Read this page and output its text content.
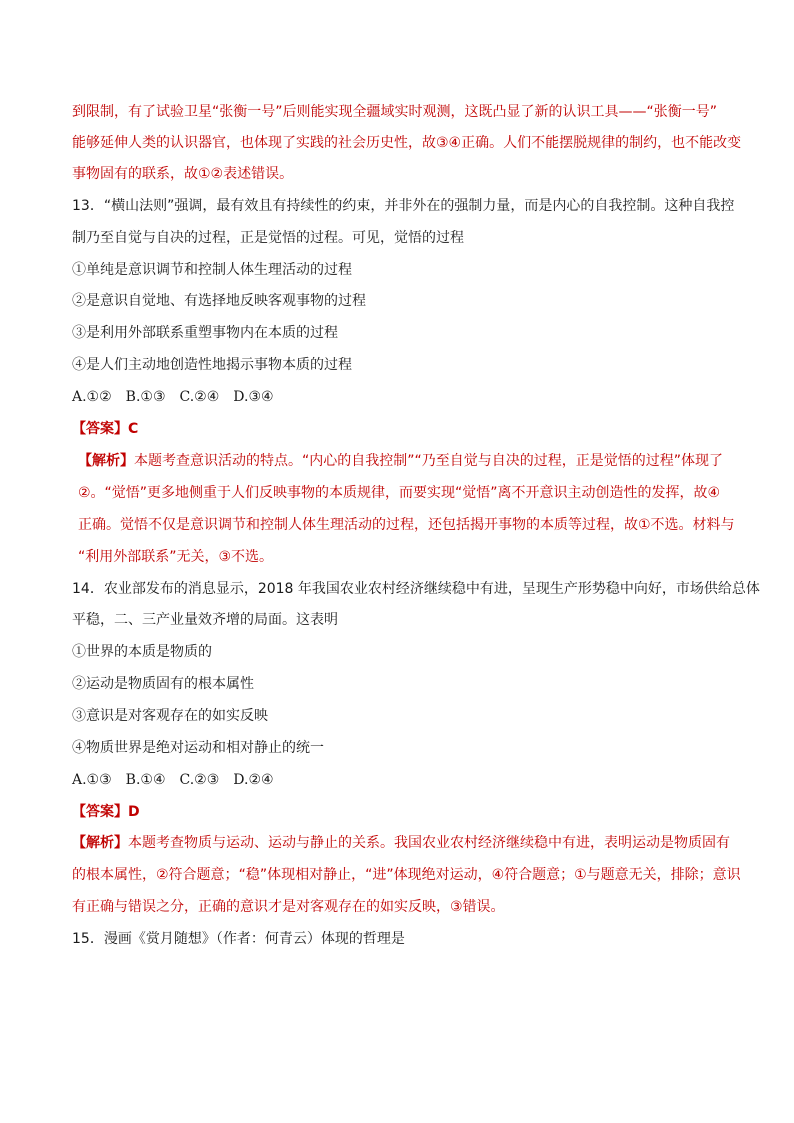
到限制，有了试验卫星“张衡一号”后则能实现全疆域实时观测，这既凸显了新的认识工具——“张衡一号”
能够延伸人类的认识器官，也体现了实践的社会历史性，故③④正确。人们不能摆脱规律的制约，也不能改变
事物固有的联系，故①②表述错误。
13．“横山法则”强调，最有效且有持续性的约束，并非外在的强制力量，而是内心的自我控制。这种自我控
制乃至自觉与自决的过程，正是觉悟的过程。可见，觉悟的过程
①单纯是意识调节和控制人体生理活动的过程
②是意识自觉地、有选择地反映客观事物的过程
③是利用外部联系重塑事物内在本质的过程
④是人们主动地创造性地揭示事物本质的过程
A.①②　B.①③　C.②④　D.③④
【答案】C
【解析】本题考查意识活动的特点。“内心的自我控制”“乃至自觉与自决的过程，正是觉悟的过程”体现了
②。“觉悟”更多地侧重于人们反映事物的本质规律，而要实现“觉悟”离不开意识主动创造性的发挥，故④
正确。觉悟不仅是意识调节和控制人体生理活动的过程，还包括揭开事物的本质等过程，故①不选。材料与
“利用外部联系”无关，③不选。
14．农业部发布的消息显示，2018 年我国农业农村经济继续稳中有进，呈现生产形势稳中向好，市场供给总体
平稳，二、三产业量效齐增的局面。这表明
①世界的本质是物质的
②运动是物质固有的根本属性
③意识是对客观存在的如实反映
④物质世界是绝对运动和相对静止的统一
A.①③　B.①④　C.②③　D.②④
【答案】D
【解析】本题考查物质与运动、运动与静止的关系。我国农业农村经济继续稳中有进，表明运动是物质固有
的根本属性，②符合题意；“稳”体现相对静止，“进”体现绝对运动，④符合题意；①与题意无关，排除；意识
有正确与错误之分，正确的意识才是对客观存在的如实反映，③错误。
15．漫画《赏月随想》（作者：何青云）体现的哲理是
